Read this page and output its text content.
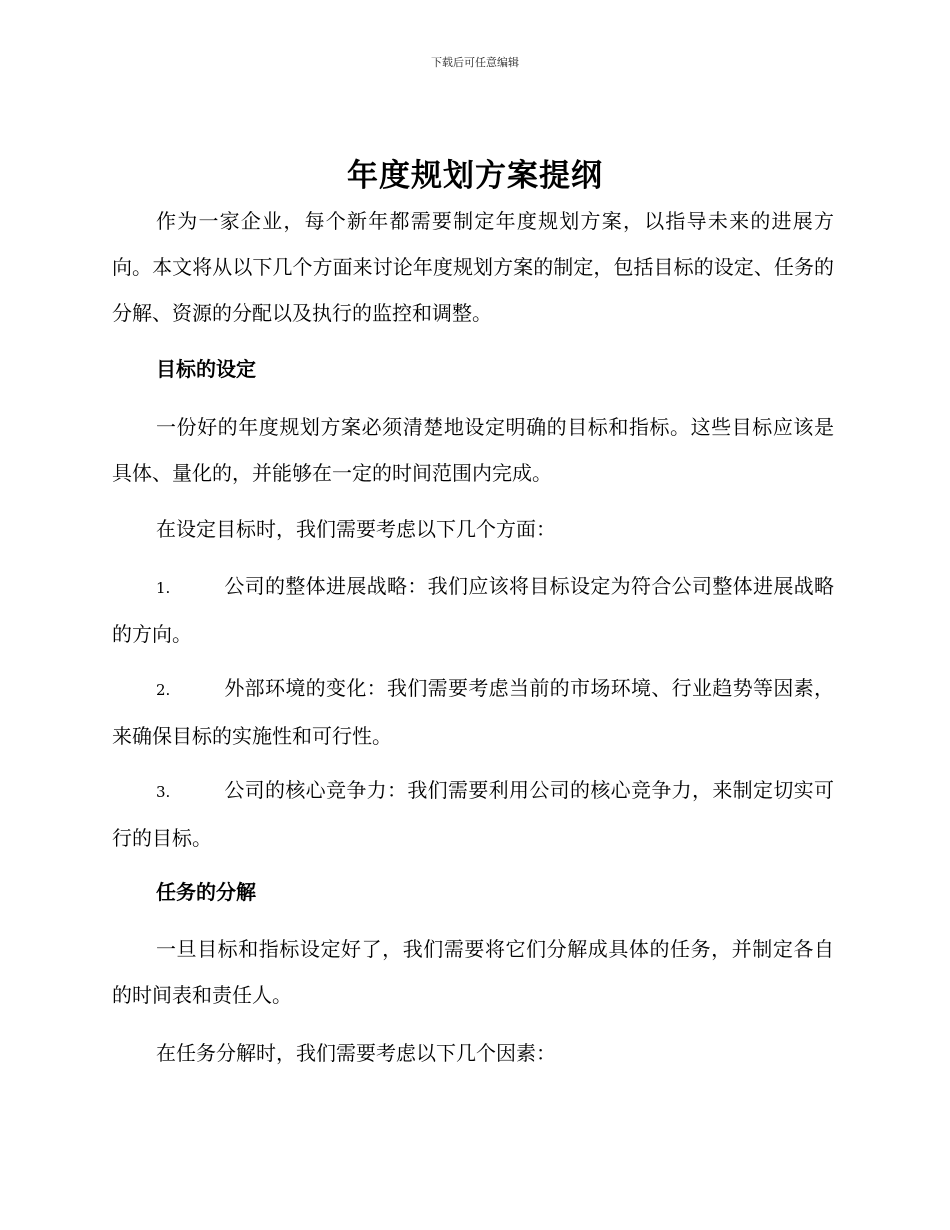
下载后可任意编辑
年度规划方案提纲

作为一家企业，每个新年都需要制定年度规划方案，以指导未来的进展方向。本文将从以下几个方面来讨论年度规划方案的制定，包括目标的设定、任务的分解、资源的分配以及执行的监控和调整。

目标的设定

一份好的年度规划方案必须清楚地设定明确的目标和指标。这些目标应该是具体、量化的，并能够在一定的时间范围内完成。

在设定目标时，我们需要考虑以下几个方面：

1.	公司的整体进展战略：我们应该将目标设定为符合公司整体进展战略的方向。

2.	外部环境的变化：我们需要考虑当前的市场环境、行业趋势等因素，来确保目标的实施性和可行性。

3.	公司的核心竞争力：我们需要利用公司的核心竞争力，来制定切实可行的目标。

任务的分解

一旦目标和指标设定好了，我们需要将它们分解成具体的任务，并制定各自的时间表和责任人。

在任务分解时，我们需要考虑以下几个因素：
